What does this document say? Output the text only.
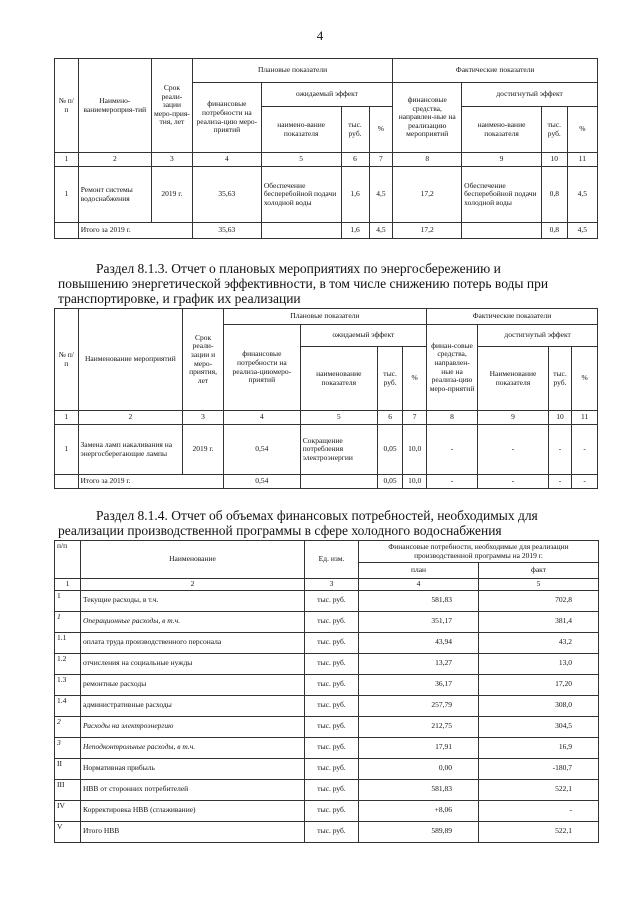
4
№ п/п	Наимено-ваниемероприя-тий	Срок реали-зации мерo-прия-тия, лет	Плановые показатели				Фактические показатели			
			финансовые потребности на реализа-цию меро-приятий	ожидаемый эффект			финансовые средства, направлен-ные на реализацию мероприятий	достигнутый эффект		
				наимено-вание показателя	тыс. руб.	%		наимено-вание показателя	тыс. руб.	%
1	2	3	4	5	6	7	8	9	10	11
1	Ремонт системы водоснабжения	2019 г.	35,63	Обеспечение бесперебойной подачи холодной воды	1,6	4,5	17,2	Обеспечение бесперебойной подачи холодной воды	0,8	4,5
	Итого за 2019 г.		35,63		1,6	4,5	17,2		0,8	4,5
Раздел 8.1.3. Отчет о плановых мероприятиях по энергосбережению и
повышению энергетической эффективности, в том числе снижению потерь воды при
транспортировке, и график их реализации
№ п/п	Наименование мероприятий	Срок реали-зации и меро-приятия, лет	Плановые показатели				Фактические показатели			
			финансовые потребности на реализа-циюмеро-приятий	ожидаемый эффект			финан-совые средства, направлен-ные на реализа-цию меро-приятий	достигнутый эффект		
				наименование показателя	тыс. руб.	%		Наименование показателя	тыс. руб.	%
1	2	3	4	5	6	7	8	9	10	11
1	Замена ламп накаливания на энергосберегающие лампы	2019 г.	0,54	Сокращение потребления электроэнергии	0,05	10,0	-	-	-	-
	Итого за 2019 г.		0,54		0,05	10,0	-	-	-	-
Раздел 8.1.4. Отчет об объемах финансовых потребностей, необходимых для
реализации производственной программы в сфере холодного водоснабжения
п/п	Наименование	Ед. изм.	Финансовые потребности, необходимые для реализации производственной программы на 2019 г.	
			план	факт
1	2	3	4	5
1	Текущие расходы, в т.ч.	тыс. руб.	581,83	702,8
1	Операционные расходы, в т.ч.	тыс. руб.	351,17	381,4
1.1	оплата труда производственного персонала	тыс. руб.	43,94	43,2
1.2	отчисления на социальные нужды	тыс. руб.	13,27	13,0
1.3	ремонтные расходы	тыс. руб.	36,17	17,20
1.4	административные расходы	тыс. руб.	257,79	308,0
2	Расходы на электроэнергию	тыс. руб.	212,75	304,5
3	Неподконтрольные расходы, в т.ч.	тыс. руб.	17,91	16,9
II	Нормативная прибыль	тыс. руб.	0,00	-180,7
III	НВВ от сторонних потребителей	тыс. руб.	581,83	522,1
IV	Корректировка НВВ (сглаживание)	тыс. руб.	+8,06	-
V	Итого НВВ	тыс. руб.	589,89	522,1
